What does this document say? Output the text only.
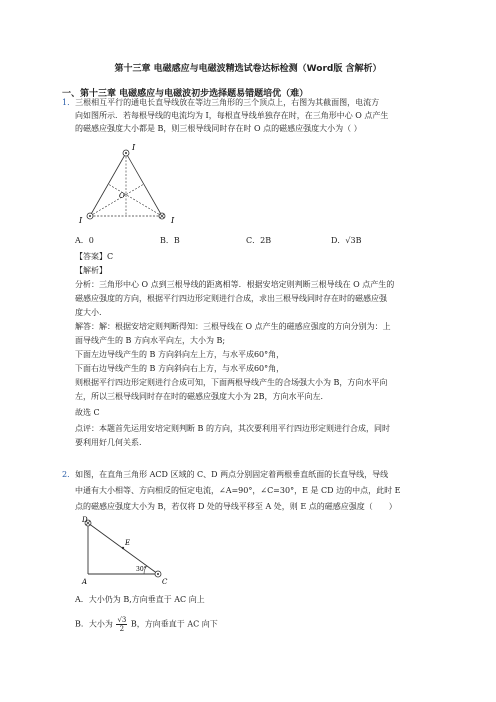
第十三章 电磁感应与电磁波精选试卷达标检测（Word版 含解析）
一、第十三章 电磁感应与电磁波初步选择题易错题培优（难）
1．三根相互平行的通电长直导线放在等边三角形的三个顶点上，右图为其截面图，电流方
向如图所示．若每根导线的电流均为 I，每根直导线单独存在时，在三角形中心 O 点产生
的磁感应强度大小都是 B，则三根导线同时存在时 O 点的磁感应强度大小为（ ）
I
I	I
O
A．0	B．B	C．2B	D．√3B
【答案】C
【解析】
分析：三角形中心 O 点到三根导线的距离相等．根据安培定则判断三根导线在 O 点产生的
磁感应强度的方向，根据平行四边形定则进行合成，求出三根导线同时存在时的磁感应强
度大小.
解答：解：根据安培定则判断得知：三根导线在 O 点产生的磁感应强度的方向分别为：上
面导线产生的 B 方向水平向左，大小为 B;
下面左边导线产生的 B 方向斜向左上方，与水平成60°角，
下面右边导线产生的 B 方向斜向右上方，与水平成60°角，
则根据平行四边形定则进行合成可知，下面两根导线产生的合场强大小为 B，方向水平向
左，所以三根导线同时存在时的磁感应强度大小为 2B，方向水平向左．
故选 C
点评：本题首先运用安培定则判断 B 的方向，其次要利用平行四边形定则进行合成，同时
要利用好几何关系.
2．如图，在直角三角形 ACD 区域的 C、D 两点分别固定着两根垂直纸面的长直导线，导线
中通有大小相等、方向相反的恒定电流，∠A=90°，∠C=30°，E 是 CD 边的中点，此时 E
点的磁感应强度大小为 B，若仅将 D 处的导线平移至 A 处，则 E 点的磁感应强度（　　）
D
E
A	C
30°
A．大小仍为 B,方向垂直于 AC 向上
B．大小为 $\frac{√3}{2}$ B，方向垂直于 AC 向下
